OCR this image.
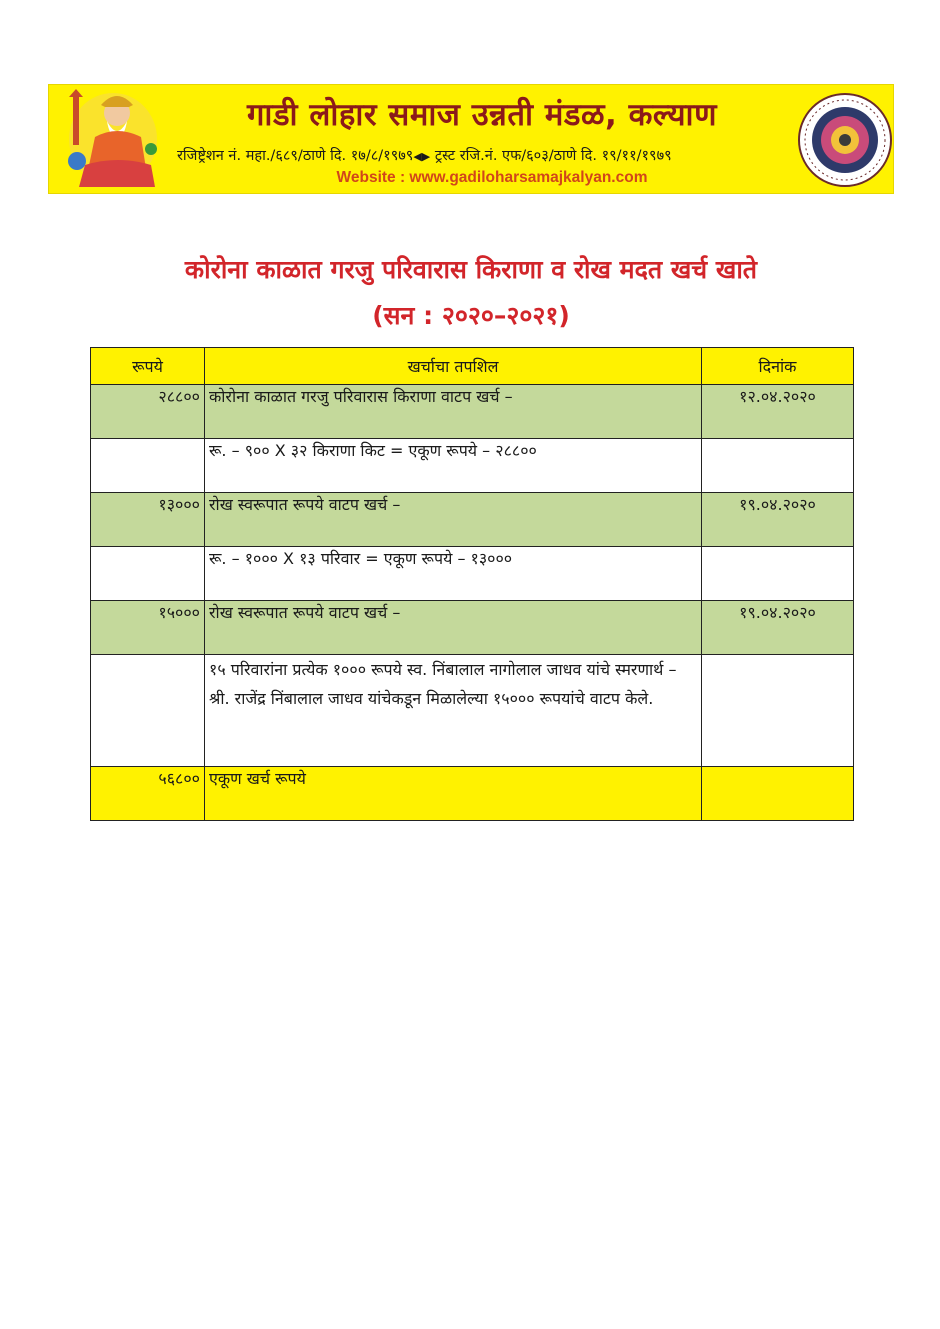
गाडी लोहार समाज उन्नती मंडळ, कल्याण
रजिष्ट्रेशन नं. महा./६८९/ठाणे दि. १७/८/१९७९◀▶ ट्रस्ट रजि.नं. एफ/६०३/ठाणे दि. १९/११/१९७९
Website : www.gadiloharsamajkalyan.com
कोरोना काळात गरजु परिवारास किराणा व रोख मदत खर्च खाते
(सन : २०२०–२०२१)
रूपये	खर्चाचा तपशिल	दिनांक
२८८००	कोरोना काळात गरजु परिवारास किराणा वाटप खर्च –	१२.०४.२०२०
	रू. – ९०० X ३२ किराणा किट = एकूण रूपये – २८८००	
१३०००	रोख स्वरूपात रूपये वाटप खर्च –	१९.०४.२०२०
	रू. – १००० X १३ परिवार = एकूण रूपये – १३०००	
१५०००	रोख स्वरूपात रूपये वाटप खर्च –	१९.०४.२०२०
	१५ परिवारांना प्रत्येक १००० रूपये स्व. निंबालाल नागोलाल जाधव यांचे स्मरणार्थ – श्री. राजेंद्र निंबालाल जाधव यांचेकडून मिळालेल्या १५००० रूपयांचे वाटप केले.	
५६८००	एकूण खर्च रूपये	
